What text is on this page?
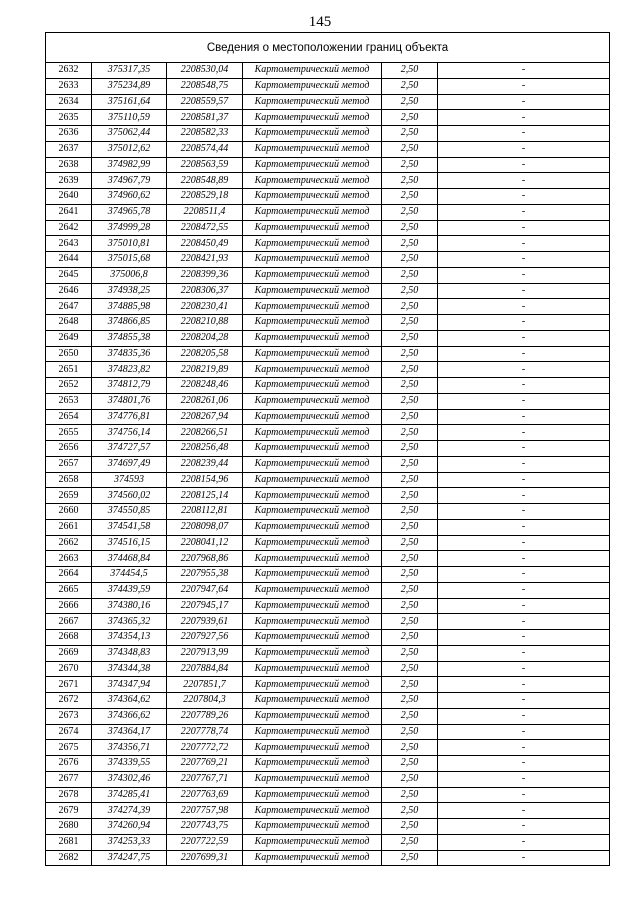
145
Сведения о местоположении границ объекта					
2632	375317,35	2208530,04	Картометрический метод	2,50	-
2633	375234,89	2208548,75	Картометрический метод	2,50	-
2634	375161,64	2208559,57	Картометрический метод	2,50	-
2635	375110,59	2208581,37	Картометрический метод	2,50	-
2636	375062,44	2208582,33	Картометрический метод	2,50	-
2637	375012,62	2208574,44	Картометрический метод	2,50	-
2638	374982,99	2208563,59	Картометрический метод	2,50	-
2639	374967,79	2208548,89	Картометрический метод	2,50	-
2640	374960,62	2208529,18	Картометрический метод	2,50	-
2641	374965,78	2208511,4	Картометрический метод	2,50	-
2642	374999,28	2208472,55	Картометрический метод	2,50	-
2643	375010,81	2208450,49	Картометрический метод	2,50	-
2644	375015,68	2208421,93	Картометрический метод	2,50	-
2645	375006,8	2208399,36	Картометрический метод	2,50	-
2646	374938,25	2208306,37	Картометрический метод	2,50	-
2647	374885,98	2208230,41	Картометрический метод	2,50	-
2648	374866,85	2208210,88	Картометрический метод	2,50	-
2649	374855,38	2208204,28	Картометрический метод	2,50	-
2650	374835,36	2208205,58	Картометрический метод	2,50	-
2651	374823,82	2208219,89	Картометрический метод	2,50	-
2652	374812,79	2208248,46	Картометрический метод	2,50	-
2653	374801,76	2208261,06	Картометрический метод	2,50	-
2654	374776,81	2208267,94	Картометрический метод	2,50	-
2655	374756,14	2208266,51	Картометрический метод	2,50	-
2656	374727,57	2208256,48	Картометрический метод	2,50	-
2657	374697,49	2208239,44	Картометрический метод	2,50	-
2658	374593	2208154,96	Картометрический метод	2,50	-
2659	374560,02	2208125,14	Картометрический метод	2,50	-
2660	374550,85	2208112,81	Картометрический метод	2,50	-
2661	374541,58	2208098,07	Картометрический метод	2,50	-
2662	374516,15	2208041,12	Картометрический метод	2,50	-
2663	374468,84	2207968,86	Картометрический метод	2,50	-
2664	374454,5	2207955,38	Картометрический метод	2,50	-
2665	374439,59	2207947,64	Картометрический метод	2,50	-
2666	374380,16	2207945,17	Картометрический метод	2,50	-
2667	374365,32	2207939,61	Картометрический метод	2,50	-
2668	374354,13	2207927,56	Картометрический метод	2,50	-
2669	374348,83	2207913,99	Картометрический метод	2,50	-
2670	374344,38	2207884,84	Картометрический метод	2,50	-
2671	374347,94	2207851,7	Картометрический метод	2,50	-
2672	374364,62	2207804,3	Картометрический метод	2,50	-
2673	374366,62	2207789,26	Картометрический метод	2,50	-
2674	374364,17	2207778,74	Картометрический метод	2,50	-
2675	374356,71	2207772,72	Картометрический метод	2,50	-
2676	374339,55	2207769,21	Картометрический метод	2,50	-
2677	374302,46	2207767,71	Картометрический метод	2,50	-
2678	374285,41	2207763,69	Картометрический метод	2,50	-
2679	374274,39	2207757,98	Картометрический метод	2,50	-
2680	374260,94	2207743,75	Картометрический метод	2,50	-
2681	374253,33	2207722,59	Картометрический метод	2,50	-
2682	374247,75	2207699,31	Картометрический метод	2,50	-
